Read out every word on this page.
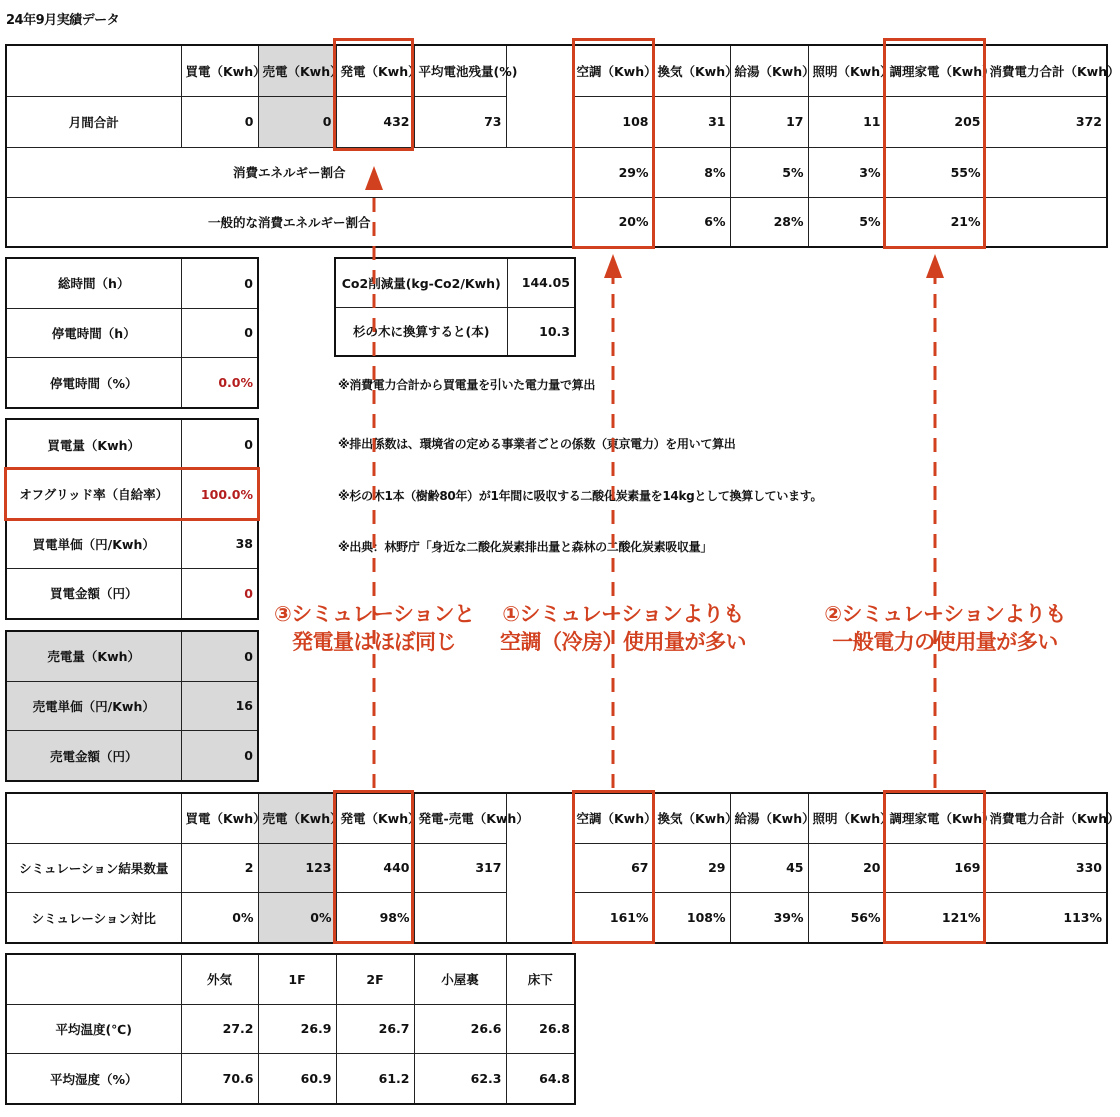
24年9月実績データ
	買電（Kwh）	売電（Kwh）	発電（Kwh）	平均電池残量(%)		空調（Kwh）	換気（Kwh）	給湯（Kwh）	照明（Kwh）	調理家電（Kwh）	消費電力合計（Kwh）
月間合計	0	0	432	73		108	31	17	11	205	372
消費エネルギー割合						29%	8%	5%	3%	55%	
一般的な消費エネルギー割合						20%	6%	28%	5%	21%	
総時間（h）	0
停電時間（h）	0
停電時間（%）	0.0%
Co2削減量(kg-Co2/Kwh)	144.05
杉の木に換算すると(本)	10.3
買電量（Kwh）	0
オフグリッド率（自給率）	100.0%
買電単価（円/Kwh）	38
買電金額（円）	0
売電量（Kwh）	0
売電単価（円/Kwh）	16
売電金額（円）	0
※消費電力合計から買電量を引いた電力量で算出
※排出係数は、環境省の定める事業者ごとの係数（東京電力）を用いて算出
※杉の木1本（樹齢80年）が1年間に吸収する二酸化炭素量を14kgとして換算しています。
※出典：林野庁「身近な二酸化炭素排出量と森林の二酸化炭素吸収量」
	買電（Kwh）	売電（Kwh）	発電（Kwh）	発電-売電（Kwh）		空調（Kwh）	換気（Kwh）	給湯（Kwh）	照明（Kwh）	調理家電（Kwh）	消費電力合計（Kwh）
シミュレーション結果数量	2	123	440	317		67	29	45	20	169	330
シミュレーション対比	0%	0%	98%			161%	108%	39%	56%	121%	113%
	外気	1F	2F	小屋裏	床下
平均温度(℃)	27.2	26.9	26.7	26.6	26.8
平均湿度（%）	70.6	60.9	61.2	62.3	64.8
③シミュレーションと
発電量はほぼ同じ
①シミュレーションよりも
空調（冷房）使用量が多い
②シミュレーションよりも
一般電力の使用量が多い
